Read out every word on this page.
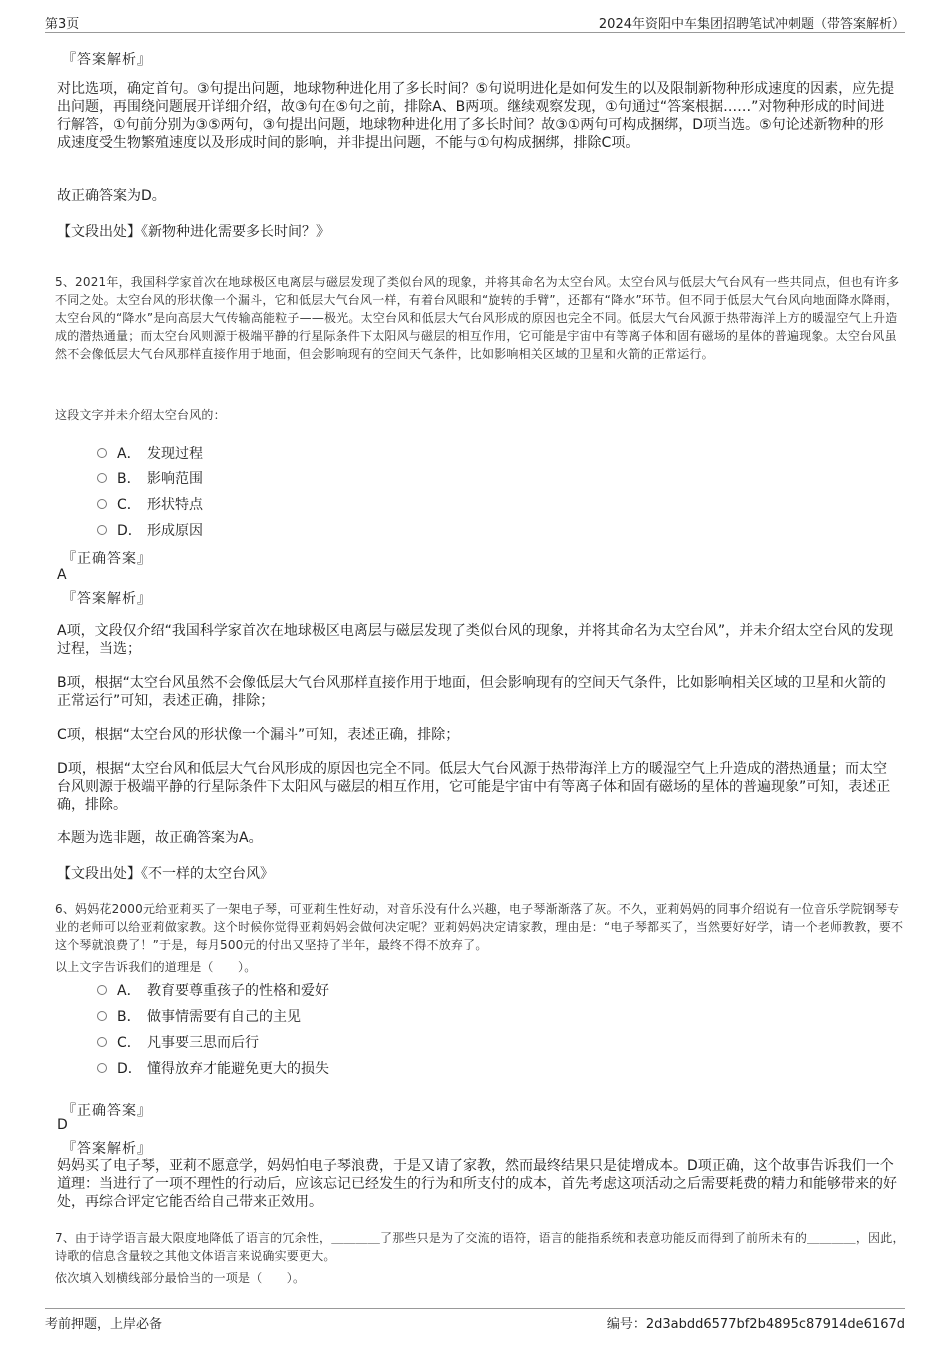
第3页	2024年资阳中车集团招聘笔试冲刺题（带答案解析）
『答案解析』
对比选项，确定首句。③句提出问题，地球物种进化用了多长时间？⑤句说明进化是如何发生的以及限制新物种形成速度的因素，应先提出问题，再围绕问题展开详细介绍，故③句在⑤句之前，排除A、B两项。继续观察发现，①句通过“答案根据……”对物种形成的时间进行解答，①句前分别为③⑤两句，③句提出问题，地球物种进化用了多长时间？故③①两句可构成捆绑，D项当选。⑤句论述新物种的形成速度受生物繁殖速度以及形成时间的影响，并非提出问题，不能与①句构成捆绑，排除C项。
故正确答案为D。
【文段出处】《新物种进化需要多长时间？》
5、2021年，我国科学家首次在地球极区电离层与磁层发现了类似台风的现象，并将其命名为太空台风。太空台风与低层大气台风有一些共同点，但也有许多不同之处。太空台风的形状像一个漏斗，它和低层大气台风一样，有着台风眼和“旋转的手臂”，还都有“降水”环节。但不同于低层大气台风向地面降水降雨，太空台风的“降水”是向高层大气传输高能粒子——极光。太空台风和低层大气台风形成的原因也完全不同。低层大气台风源于热带海洋上方的暖湿空气上升造成的潜热通量；而太空台风则源于极端平静的行星际条件下太阳风与磁层的相互作用，它可能是宇宙中有等离子体和固有磁场的星体的普遍现象。太空台风虽然不会像低层大气台风那样直接作用于地面，但会影响现有的空间天气条件，比如影响相关区域的卫星和火箭的正常运行。
这段文字并未介绍太空台风的：
A． 发现过程
B． 影响范围
C． 形状特点
D． 形成原因
『正确答案』
A
『答案解析』
A项，文段仅介绍“我国科学家首次在地球极区电离层与磁层发现了类似台风的现象，并将其命名为太空台风”，并未介绍太空台风的发现过程，当选；
B项，根据“太空台风虽然不会像低层大气台风那样直接作用于地面，但会影响现有的空间天气条件，比如影响相关区域的卫星和火箭的正常运行”可知，表述正确，排除；
C项，根据“太空台风的形状像一个漏斗”可知，表述正确，排除；
D项，根据“太空台风和低层大气台风形成的原因也完全不同。低层大气台风源于热带海洋上方的暖湿空气上升造成的潜热通量；而太空台风则源于极端平静的行星际条件下太阳风与磁层的相互作用，它可能是宇宙中有等离子体和固有磁场的星体的普遍现象”可知，表述正确，排除。
本题为选非题，故正确答案为A。
【文段出处】《不一样的太空台风》
6、妈妈花2000元给亚莉买了一架电子琴，可亚莉生性好动，对音乐没有什么兴趣，电子琴渐渐落了灰。不久，亚莉妈妈的同事介绍说有一位音乐学院钢琴专业的老师可以给亚莉做家教。这个时候你觉得亚莉妈妈会做何决定呢？亚莉妈妈决定请家教，理由是：“电子琴都买了，当然要好好学，请一个老师教教，要不这个琴就浪费了！”于是，每月500元的付出又坚持了半年，最终不得不放弃了。
以上文字告诉我们的道理是（　　）。
A． 教育要尊重孩子的性格和爱好
B． 做事情需要有自己的主见
C． 凡事要三思而后行
D． 懂得放弃才能避免更大的损失
『正确答案』
D
『答案解析』
妈妈买了电子琴，亚莉不愿意学，妈妈怕电子琴浪费，于是又请了家教，然而最终结果只是徒增成本。D项正确，这个故事告诉我们一个道理：当进行了一项不理性的行动后，应该忘记已经发生的行为和所支付的成本，首先考虑这项活动之后需要耗费的精力和能够带来的好处，再综合评定它能否给自己带来正效用。
7、由于诗学语言最大限度地降低了语言的冗余性，＿＿＿＿了那些只是为了交流的语符，语言的能指系统和表意功能反而得到了前所未有的＿＿＿＿，因此，诗歌的信息含量较之其他文体语言来说确实要更大。
依次填入划横线部分最恰当的一项是（　　）。
考前押题，上岸必备	编号：2d3abdd6577bf2b4895c87914de6167d
